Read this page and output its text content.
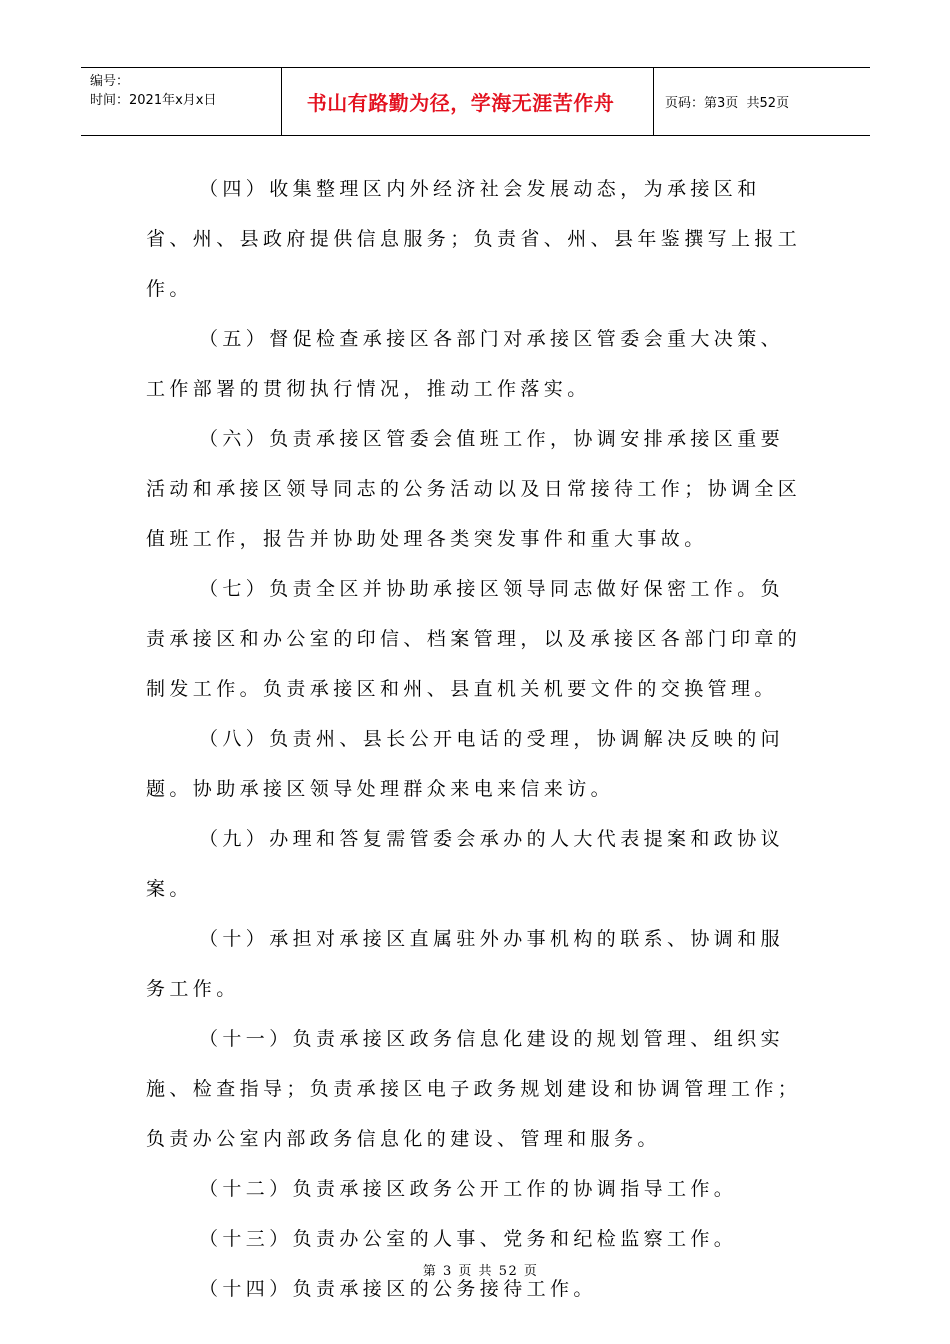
编号：
时间：2021年x月x日	书山有路勤为径，学海无涯苦作舟	页码：第3页  共52页

（四）收集整理区内外经济社会发展动态，为承接区和省、州、县政府提供信息服务；负责省、州、县年鉴撰写上报工作。

（五）督促检查承接区各部门对承接区管委会重大决策、工作部署的贯彻执行情况，推动工作落实。

（六）负责承接区管委会值班工作，协调安排承接区重要活动和承接区领导同志的公务活动以及日常接待工作；协调全区值班工作，报告并协助处理各类突发事件和重大事故。

（七）负责全区并协助承接区领导同志做好保密工作。负责承接区和办公室的印信、档案管理，以及承接区各部门印章的制发工作。负责承接区和州、县直机关机要文件的交换管理。

（八）负责州、县长公开电话的受理，协调解决反映的问题。协助承接区领导处理群众来电来信来访。

（九）办理和答复需管委会承办的人大代表提案和政协议案。

（十）承担对承接区直属驻外办事机构的联系、协调和服务工作。

（十一）负责承接区政务信息化建设的规划管理、组织实施、检查指导；负责承接区电子政务规划建设和协调管理工作；负责办公室内部政务信息化的建设、管理和服务。

（十二）负责承接区政务公开工作的协调指导工作。

（十三）负责办公室的人事、党务和纪检监察工作。

（十四）负责承接区的公务接待工作。

第 3 页 共 52 页
